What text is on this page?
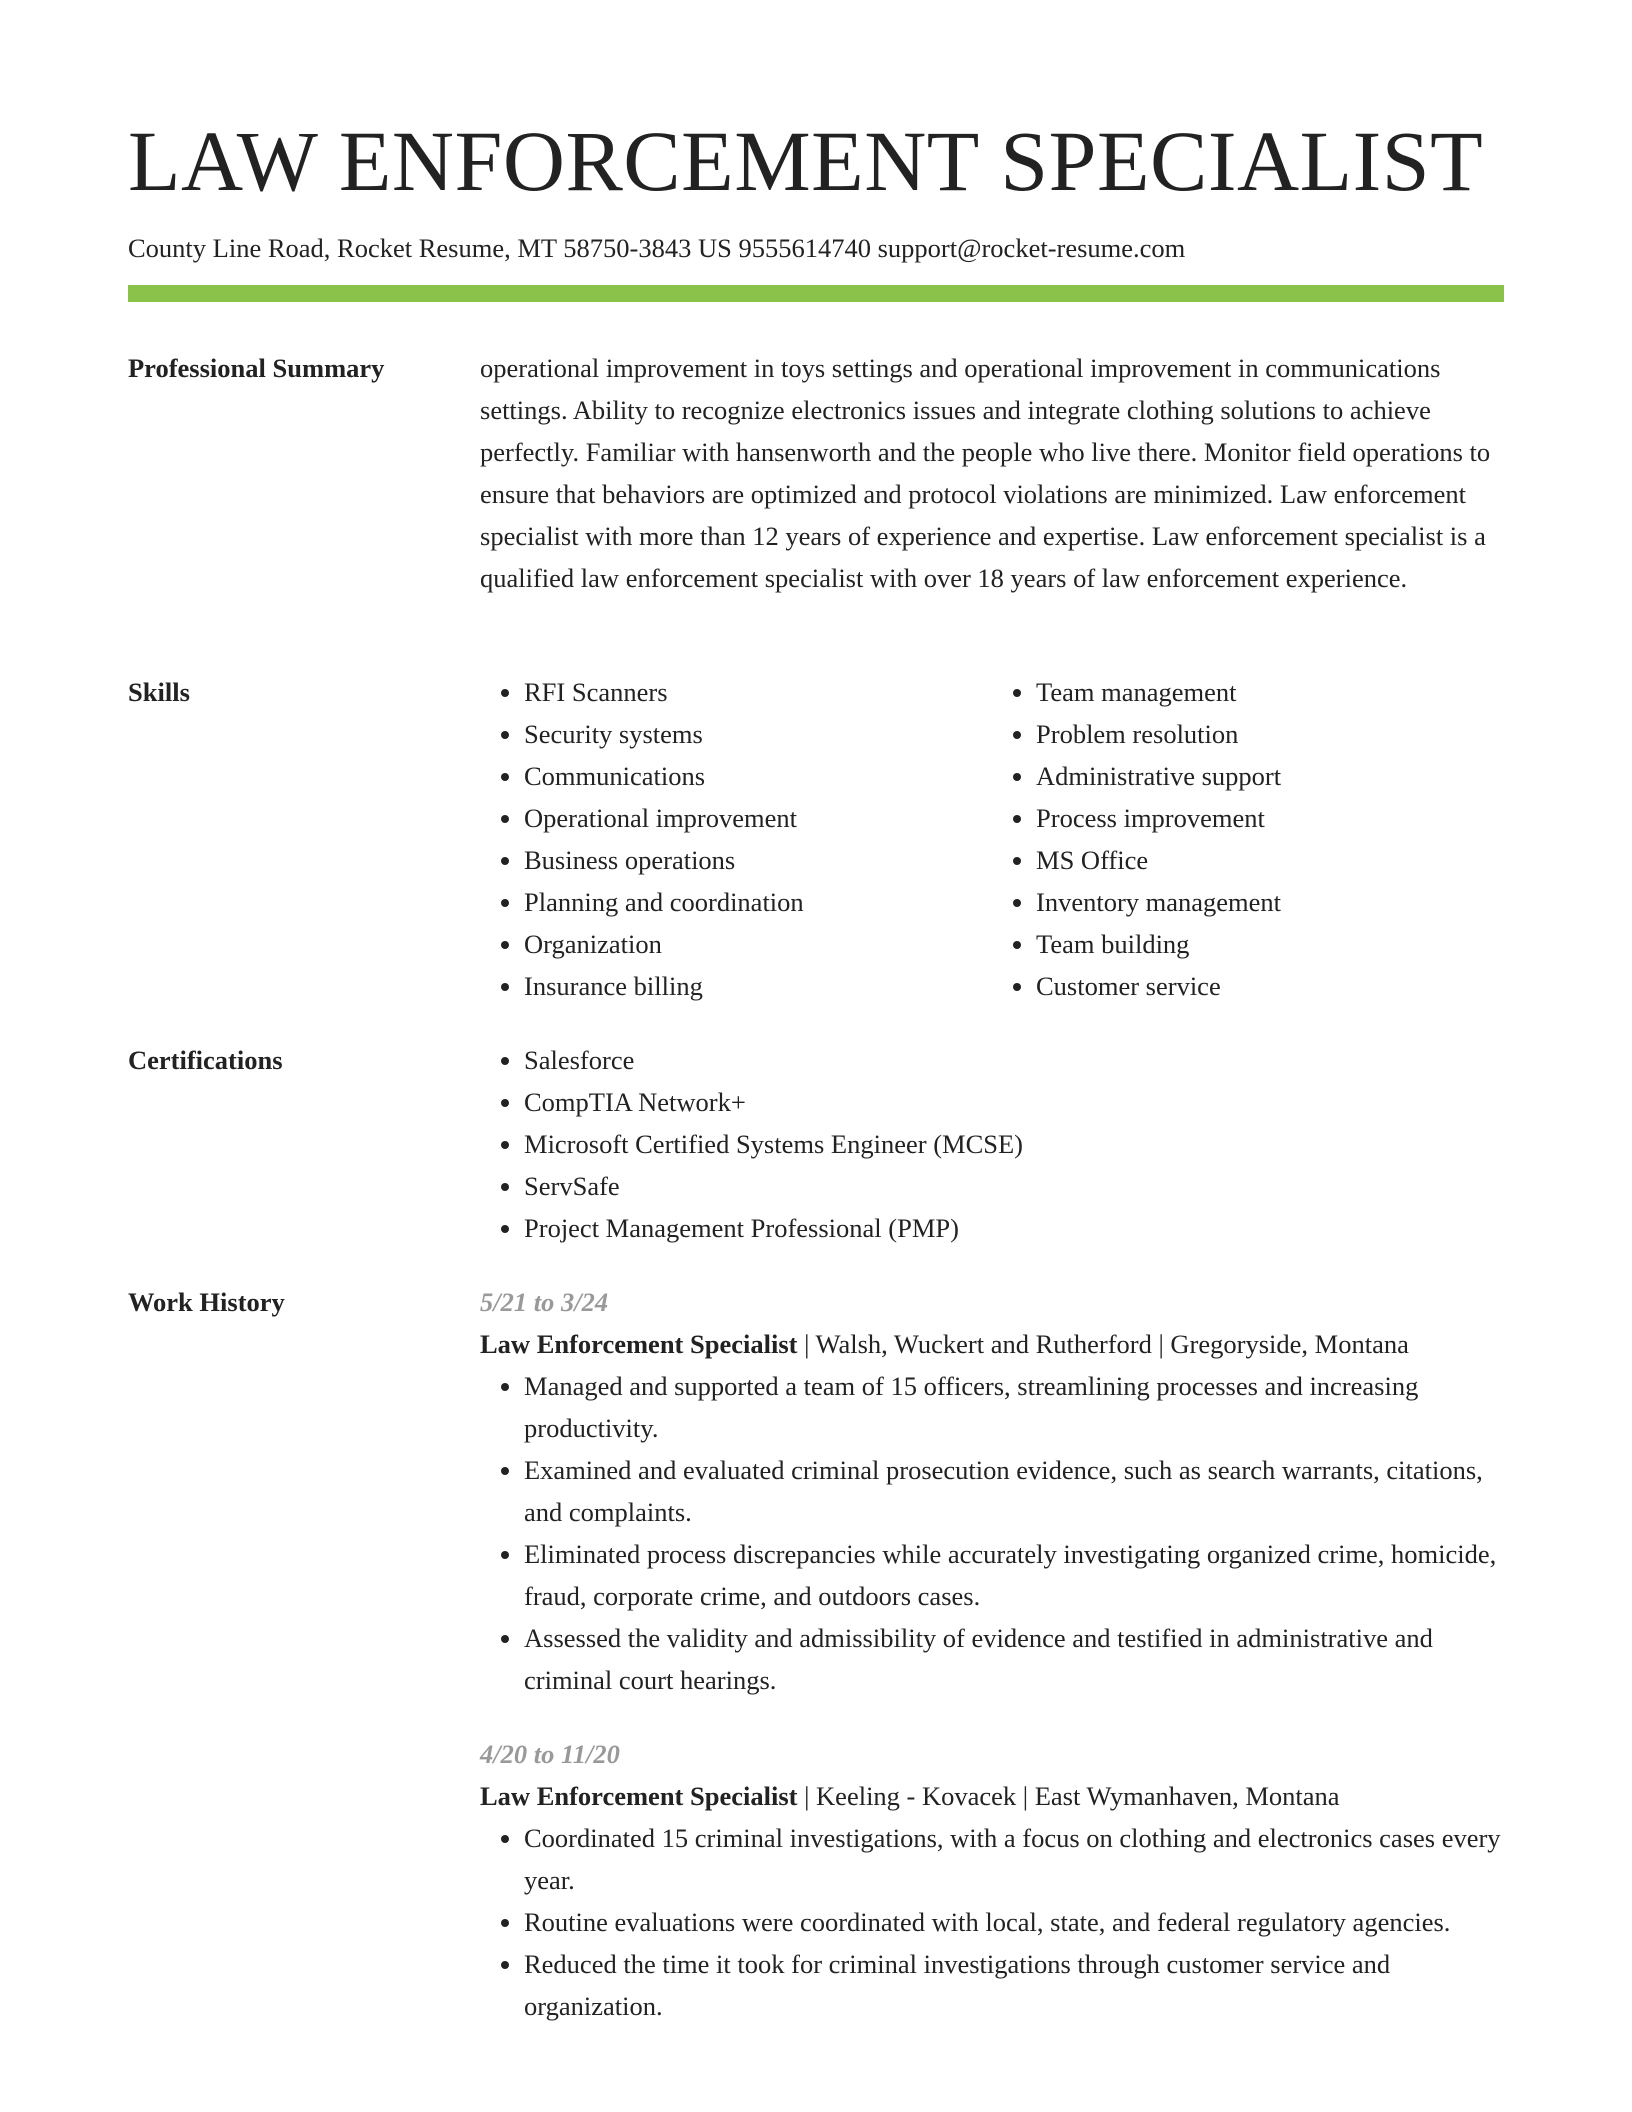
LAW ENFORCEMENT SPECIALIST
County Line Road, Rocket Resume, MT 58750-3843 US 9555614740 support@rocket-resume.com
Professional Summary	operational improvement in toys settings and operational improvement in communications settings. Ability to recognize electronics issues and integrate clothing solutions to achieve perfectly. Familiar with hansenworth and the people who live there. Monitor field operations to ensure that behaviors are optimized and protocol violations are minimized. Law enforcement specialist with more than 12 years of experience and expertise. Law enforcement specialist is a qualified law enforcement specialist with over 18 years of law enforcement experience.

Skills	• RFI Scanners
• Security systems
• Communications
• Operational improvement
• Business operations
• Planning and coordination
• Organization
• Insurance billing
• Team management
• Problem resolution
• Administrative support
• Process improvement
• MS Office
• Inventory management
• Team building
• Customer service
Certifications	• Salesforce
• CompTIA Network+
• Microsoft Certified Systems Engineer (MCSE)
• ServSafe
• Project Management Professional (PMP)
Work History	5/21 to 3/24
Law Enforcement Specialist | Walsh, Wuckert and Rutherford | Gregoryside, Montana
• Managed and supported a team of 15 officers, streamlining processes and increasing productivity.
• Examined and evaluated criminal prosecution evidence, such as search warrants, citations, and complaints.
• Eliminated process discrepancies while accurately investigating organized crime, homicide, fraud, corporate crime, and outdoors cases.
• Assessed the validity and admissibility of evidence and testified in administrative and criminal court hearings.
4/20 to 11/20
Law Enforcement Specialist | Keeling - Kovacek | East Wymanhaven, Montana
• Coordinated 15 criminal investigations, with a focus on clothing and electronics cases every year.
• Routine evaluations were coordinated with local, state, and federal regulatory agencies.
• Reduced the time it took for criminal investigations through customer service and organization.
